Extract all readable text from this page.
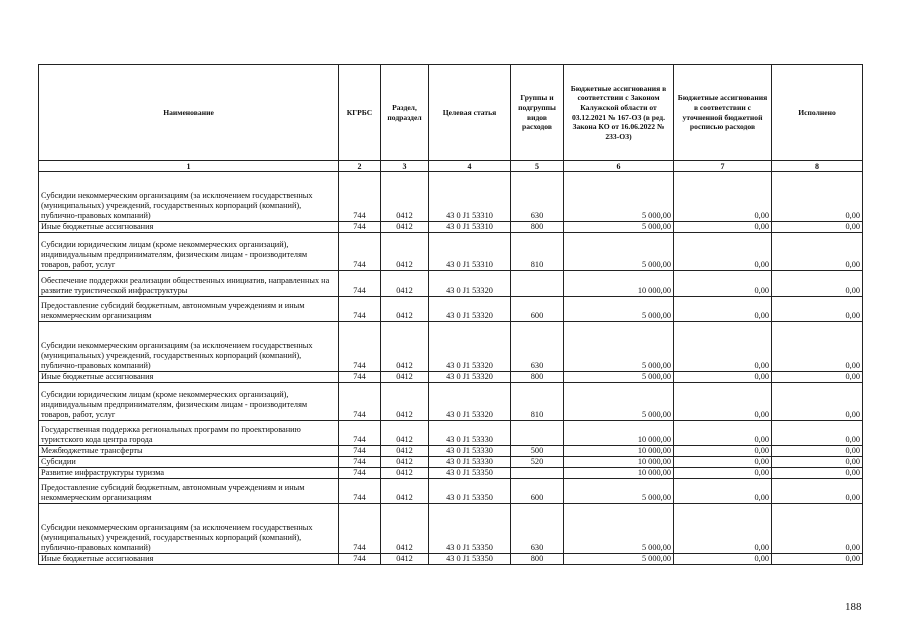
Наименование	КГРБС	Раздел, подраздел	Целевая статья	Группы и подгруппы видов расходов	Бюджетные ассигнования в соответствии с Законом Калужской области от 03.12.2021 № 167-ОЗ (в ред. Закона КО от 16.06.2022 № 233-ОЗ)	Бюджетные ассигнования в соответствии с уточненной бюджетной росписью расходов	Исполнено
1	2	3	4	5	6	7	8
Субсидии некоммерческим организациям (за исключением государственных (муниципальных) учреждений, государственных корпораций (компаний), публично-правовых компаний)	744	0412	43 0 J1 53310	630	5 000,00	0,00	0,00
Иные бюджетные ассигнования	744	0412	43 0 J1 53310	800	5 000,00	0,00	0,00
Субсидии юридическим лицам (кроме некоммерческих организаций), индивидуальным предпринимателям, физическим лицам - производителям товаров, работ, услуг	744	0412	43 0 J1 53310	810	5 000,00	0,00	0,00
Обеспечение поддержки реализации общественных инициатив, направленных на развитие туристической инфраструктуры	744	0412	43 0 J1 53320		10 000,00	0,00	0,00
Предоставление субсидий бюджетным, автономным учреждениям и иным некоммерческим организациям	744	0412	43 0 J1 53320	600	5 000,00	0,00	0,00
Субсидии некоммерческим организациям (за исключением государственных (муниципальных) учреждений, государственных корпораций (компаний), публично-правовых компаний)	744	0412	43 0 J1 53320	630	5 000,00	0,00	0,00
Иные бюджетные ассигнования	744	0412	43 0 J1 53320	800	5 000,00	0,00	0,00
Субсидии юридическим лицам (кроме некоммерческих организаций), индивидуальным предпринимателям, физическим лицам - производителям товаров, работ, услуг	744	0412	43 0 J1 53320	810	5 000,00	0,00	0,00
Государственная поддержка региональных программ по проектированию туристского кода центра города	744	0412	43 0 J1 53330		10 000,00	0,00	0,00
Межбюджетные трансферты	744	0412	43 0 J1 53330	500	10 000,00	0,00	0,00
Субсидии	744	0412	43 0 J1 53330	520	10 000,00	0,00	0,00
Развитие инфраструктуры туризма	744	0412	43 0 J1 53350		10 000,00	0,00	0,00
Предоставление субсидий бюджетным, автономным учреждениям и иным некоммерческим организациям	744	0412	43 0 J1 53350	600	5 000,00	0,00	0,00
Субсидии некоммерческим организациям (за исключением государственных (муниципальных) учреждений, государственных корпораций (компаний), публично-правовых компаний)	744	0412	43 0 J1 53350	630	5 000,00	0,00	0,00
Иные бюджетные ассигнования	744	0412	43 0 J1 53350	800	5 000,00	0,00	0,00
188
